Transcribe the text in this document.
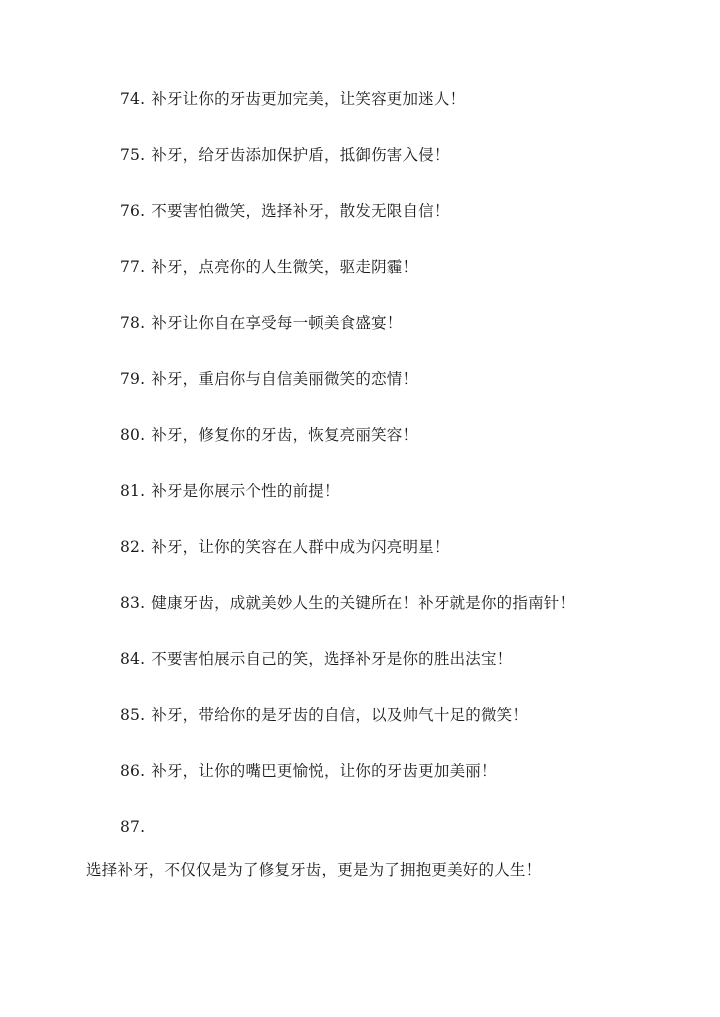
74. 补牙让你的牙齿更加完美，让笑容更加迷人！
75. 补牙，给牙齿添加保护盾，抵御伤害入侵！
76. 不要害怕微笑，选择补牙，散发无限自信！
77. 补牙，点亮你的人生微笑，驱走阴霾！
78. 补牙让你自在享受每一顿美食盛宴！
79. 补牙，重启你与自信美丽微笑的恋情！
80. 补牙，修复你的牙齿，恢复亮丽笑容！
81. 补牙是你展示个性的前提！
82. 补牙，让你的笑容在人群中成为闪亮明星！
83. 健康牙齿，成就美妙人生的关键所在！补牙就是你的指南针！
84. 不要害怕展示自己的笑，选择补牙是你的胜出法宝！
85. 补牙，带给你的是牙齿的自信，以及帅气十足的微笑！
86. 补牙，让你的嘴巴更愉悦，让你的牙齿更加美丽！
87.
选择补牙，不仅仅是为了修复牙齿，更是为了拥抱更美好的人生！
